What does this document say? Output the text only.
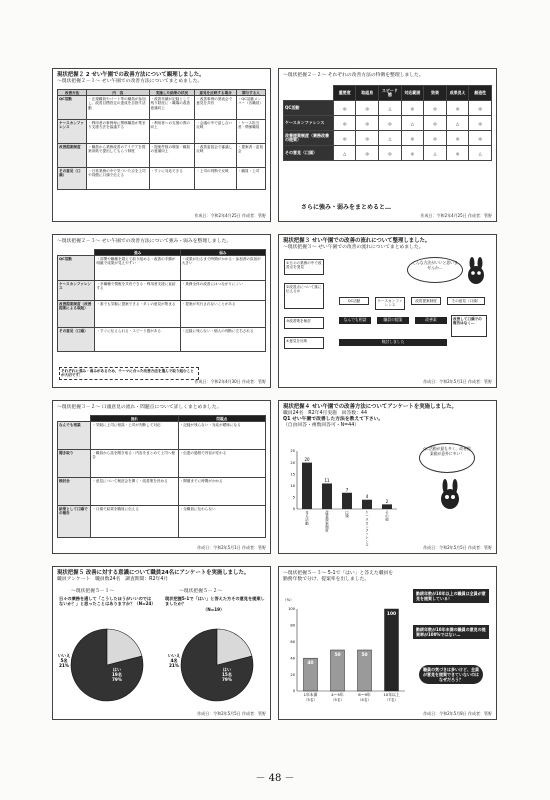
現状把握２ 2 せい午園での政善方法について観理しました。
～現状把握２－１～ せい午園での改善方法についてまとめました。
改善方法	内　容	実施した結果の状況	意見を反映する場合	関与する人
QC活動	・正規職員やパート等の職員が参加し、改善目標設定の達成を目指す活動	・改善実績が記録として残り財産に・職場の改善意識向上	・改善事例の発表会で意見を共有	・QC活動メンバー（各職員）
ケースカンファレンス	・利用者の事例毎に関係職員が集まり支援方法を協議する	・利用者への支援の質の向上	・会議の中で話し合い反映	・ケース担当者・関係職員
改善提案制度	・職員から業務改善のアイデアを提案用紙で提出してもらう制度	・提案件数の増加・職員の意識向上	・改善委員会で審議し反映	・提案者・委員会
その意見（口頭）	・日常業務の中で気づいた点を上司や同僚に口頭で伝える	・すぐに対応できる	・上司の判断で反映	・職員・上司
作成日：令和2年4月25日 作成者：管野
～現状把握２－２～ それぞれの改善方法の特徴を整理しました。
	重要度	取組易	スピード感	対応範囲	効果	成果見え	創造性
QC活動	◎	◎	△	◎	◎	◎	◎
ケースカンファレンス	◎	◎	◎	△	◎	△	◎
改善提案制度（業務改善の提案）	◎	◎	△	◎	◎	◎	◎
その意見（口頭）	△	◎	◎	◎	△	◎	△
さらに強み・弱みをまとめると…
作成日：令和2年4月25日 作成者：管野
～現状把握２－３～ せい午園での改善方法について強み・弱みを整理しました。
	強み	弱み
QC活動	・部署や職種を超えて取り組める・改善の手順が明確で成果が見えやすい	・成果が出るまで時間がかかる・参加者の負担が大きい
ケースカンファレンス	・多職種で情報を共有できる・利用者支援に直結する	・業務全体の改善にはつながりにくい
改善提案制度（改善提案による取組）	・誰でも気軽に提案できる・多くの意見が集まる	・提案が実行されないことがある
その意見（口頭）	・すぐに伝えられる・スピード感がある	・記録に残らない・個人の判断に左右される
それぞれに強み・弱みがあるため、テーマに合った改善方法を選んで取り組むことが大切です！
作成日：令和2年4月30日 作成者：管野
現状把握３ せい午園での改善の流れについて整理しました。
～現状把握３～ せい午園での改善の流れについてまとめました。
①日々の業務の中で改善点を発見
②改善点について誰に伝えるか
③改善策を検討
④意見を反映
こんな方法がいいと思いませんか…
QC活動	ケースカンファレンス
改善提案制度	その意見（口頭）
なんでも相談	職員の提案	改善案
検討しました
改善して口頭での報告はなく…
作成日：令和2年5月1日 作成者：管野
～現状把握３－２～ 口頭意見の流れ・問題点について詳しくまとめました。
	流れ	問題点
なんでも相談	・気軽に上司に相談・上司が判断して対応	・記録が残らない・対応が曖昧になる
聞き取り	・職員から話を聞き取る・内容をまとめて上司へ報告	・伝達の過程で内容が変わる
検討会	・意見について検討会を開く・改善策を決める	・開催までに時間がかかる
結果として口頭での報告	・口頭で結果を職員に伝える	・全職員に伝わらない
作成日：令和2年5月1日 作成者：管野
現状把握４ せい午園での改善方法についてアンケートを実施しました。
職員24名　R2年4月実施　回答数：44
Q1 せい午園で改善した方法を教えて下さい。
（自由回答・複数回答可・N=44）
0
5
10
15
20
25
20
Q C 活動
11
改善提案制度
7
口頭
4
ケースカンファレンス
2
その他
QC活動が最も多く、改善提案箱が意外に多い！
作成日：令和2年5月5日 作成者：管野
現状把握５ 改善に対する意識について職員24名にアンケートを実施しました。
職員アンケート　職員数24名　調査期間：R2年4月
～現状把握５－１～
日々の業務を通して「こうしたほうがいいのではないか？」と思ったことはありますか？（N=24）
～現状把握５－２～
現状把握5-1で「はい」と答えた方その意見を提案しましたか？
（N=19）
はい 19名 79%
いいえ 5名 21%
はい 15名 79%
いいえ 4名 21%
作成日：令和2年5月5日 作成者：管野
～現状把握５－３～ 5-1で「はい」と答えた職員を勤務年数で分け、提案率を出しました。
（%）
0
20
40
60
80
100
40
1年未満
（5名）
50
4〜5年
（5名）
50
6〜9年
（4名）
100
10年以上
（7名）
勤続年数が10年以上の職員は全員が意見を提案している！
勤続年数が10年未満の職員の意見の提案率が100%ではない…
職員の気づきは多いけど、全員が意見を提案できていないのはなぜだろう？
作成日：令和2年5月8日 作成者：管野
－ 48 －
